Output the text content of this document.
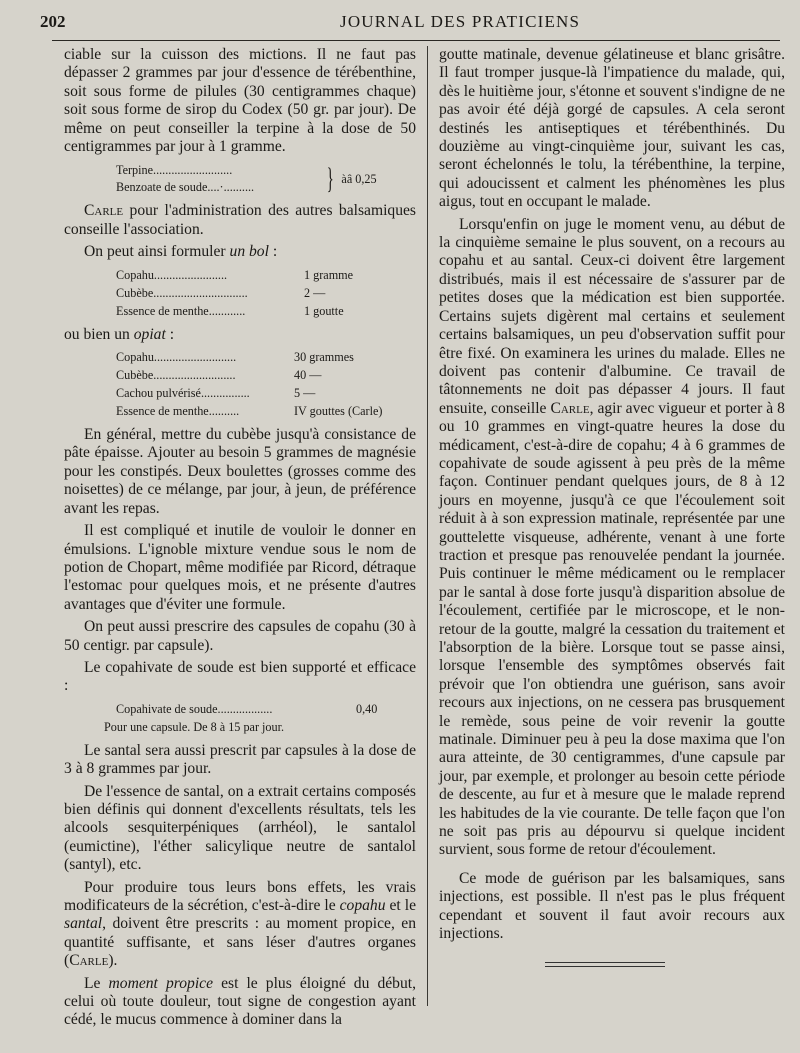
202	JOURNAL DES PRATICIENS

ciable sur la cuisson des mictions. Il ne faut pas dépasser 2 grammes par jour d'essence de térébenthine, soit sous forme de pilules (30 centigrammes chaque) soit sous forme de sirop du Codex (50 gr. par jour). De même on peut conseiller la terpine à la dose de 50 centigrammes par jour à 1 gramme.

Terpine..........................
Benzoate de soude....·..........	} àâ 0,25

Carle pour l'administration des autres balsamiques conseille l'association.

On peut ainsi formuler un bol :

Copahu ........................	1 gramme
Cubèbe ...............................	2 —
Essence de menthe ............	1 goutte

ou bien un opiat :

Copahu ...........................	30 grammes
Cubèbe ...........................	40 —
Cachou pulvérisé ................	5 —
Essence de menthe ..........	IV gouttes (Carle)

En général, mettre du cubèbe jusqu'à consistance de pâte épaisse. Ajouter au besoin 5 grammes de magnésie pour les constipés. Deux boulettes (grosses comme des noisettes) de ce mélange, par jour, à jeun, de préférence avant les repas.

Il est compliqué et inutile de vouloir le donner en émulsions. L'ignoble mixture vendue sous le nom de potion de Chopart, même modifiée par Ricord, détraque l'estomac pour quelques mois, et ne présente d'autres avantages que d'éviter une formule.

On peut aussi prescrire des capsules de copahu (30 à 50 centigr. par capsule).

Le copahivate de soude est bien supporté et efficace :

Copahivate de soude ..................	0,40
Pour une capsule. De 8 à 15 par jour.

Le santal sera aussi prescrit par capsules à la dose de 3 à 8 grammes par jour.

De l'essence de santal, on a extrait certains composés bien définis qui donnent d'excellents résultats, tels les alcools sesquiterpéniques (arrhéol), le santalol (eumictine), l'éther salicylique neutre de santalol (santyl), etc.

Pour produire tous leurs bons effets, les vrais modificateurs de la sécrétion, c'est-à-dire le copahu et le santal, doivent être prescrits : au moment propice, en quantité suffisante, et sans léser d'autres organes (Carle).

Le moment propice est le plus éloigné du début, celui où toute douleur, tout signe de congestion ayant cédé, le mucus commence à dominer dans la

goutte matinale, devenue gélatineuse et blanc grisâtre. Il faut tromper jusque-là l'impatience du malade, qui, dès le huitième jour, s'étonne et souvent s'indigne de ne pas avoir été déjà gorgé de capsules. A cela seront destinés les antiseptiques et térébenthinés. Du douzième au vingt-cinquième jour, suivant les cas, seront échelonnés le tolu, la térébenthine, la terpine, qui adoucissent et calment les phénomènes les plus aigus, tout en occupant le malade.

Lorsqu'enfin on juge le moment venu, au début de la cinquième semaine le plus souvent, on a recours au copahu et au santal. Ceux-ci doivent être largement distribués, mais il est nécessaire de s'assurer par de petites doses que la médication est bien supportée. Certains sujets digèrent mal certains et seulement certains balsamiques, un peu d'observation suffit pour être fixé. On examinera les urines du malade. Elles ne doivent pas contenir d'albumine. Ce travail de tâtonnements ne doit pas dépasser 4 jours. Il faut ensuite, conseille Carle, agir avec vigueur et porter à 8 ou 10 grammes en vingt-quatre heures la dose du médicament, c'est-à-dire de copahu; 4 à 6 grammes de copahivate de soude agissent à peu près de la même façon. Continuer pendant quelques jours, de 8 à 12 jours en moyenne, jusqu'à ce que l'écoulement soit réduit à à son expression matinale, représentée par une gouttelette visqueuse, adhérente, venant à une forte traction et presque pas renouvelée pendant la journée. Puis continuer le même médicament ou le remplacer par le santal à dose forte jusqu'à disparition absolue de l'écoulement, certifiée par le microscope, et le non-retour de la goutte, malgré la cessation du traitement et l'absorption de la bière. Lorsque tout se passe ainsi, lorsque l'ensemble des symptômes observés fait prévoir que l'on obtiendra une guérison, sans avoir recours aux injections, on ne cessera pas brusquement le remède, sous peine de voir revenir la goutte matinale. Diminuer peu à peu la dose maxima que l'on aura atteinte, de 30 centigrammes, d'une capsule par jour, par exemple, et prolonger au besoin cette période de descente, au fur et à mesure que le malade reprend les habitudes de la vie courante. De telle façon que l'on ne soit pas pris au dépourvu si quelque incident survient, sous forme de retour d'écoulement.

Ce mode de guérison par les balsamiques, sans injections, est possible. Il n'est pas le plus fréquent cependant et souvent il faut avoir recours aux injections.
